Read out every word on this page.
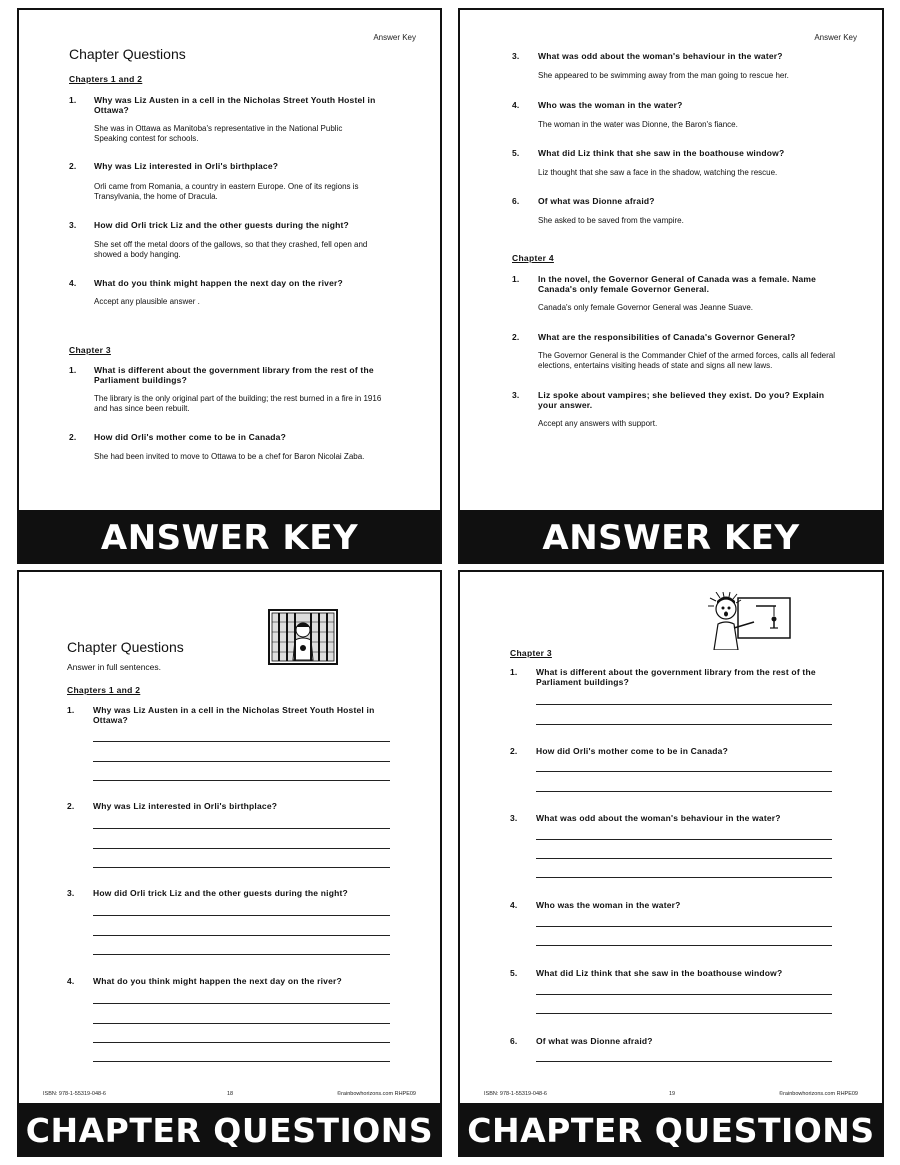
Answer Key
Chapter Questions
Chapters 1 and 2
1. Why was Liz Austen in a cell in the Nicholas Street Youth Hostel in Ottawa?
She was in Ottawa as Manitoba's representative in the National Public Speaking contest for schools.
2. Why was Liz interested in Orli's birthplace?
Orli came from Romania, a country in eastern Europe. One of its regions is Transylvania, the home of Dracula.
3. How did Orli trick Liz and the other guests during the night?
She set off the metal doors of the gallows, so that they crashed, fell open and showed a body hanging.
4. What do you think might happen the next day on the river?
Accept any plausible answer .
Chapter 3
1. What is different about the government library from the rest of the Parliament buildings?
The library is the only original part of the building; the rest burned in a fire in 1916 and has since been rebuilt.
2. How did Orli's mother come to be in Canada?
She had been invited to move to Ottawa to be a chef for Baron Nicolai Zaba.
ANSWER KEY
Answer Key
3. What was odd about the woman's behaviour in the water?
She appeared to be swimming away from the man going to rescue her.
4. Who was the woman in the water?
The woman in the water was Dionne, the Baron's fiance.
5. What did Liz think that she saw in the boathouse window?
Liz thought that she saw a face in the shadow, watching the rescue.
6. Of what was Dionne afraid?
She asked to be saved from the vampire.
Chapter 4
1. In the novel, the Governor General of Canada was a female. Name Canada's only female Governor General.
Canada's only female Governor General was Jeanne Suave.
2. What are the responsibilities of Canada's Governor General?
The Governor General is the Commander Chief of the armed forces, calls all federal elections, entertains visiting heads of state and signs all new laws.
3. Liz spoke about vampires; she believed they exist. Do you? Explain your answer.
Accept any answers with support.
ANSWER KEY
Chapter Questions
Answer in full sentences.
Chapters 1 and 2
1. Why was Liz Austen in a cell in the Nicholas Street Youth Hostel in Ottawa?
2. Why was Liz interested in Orli's birthplace?
3. How did Orli trick Liz and the other guests during the night?
4. What do you think might happen the next day on the river?
ISBN: 978-1-55319-048-6	18	©rainbowhorizons.com RHPE09
CHAPTER QUESTIONS
Chapter 3
1. What is different about the government library from the rest of the Parliament buildings?
2. How did Orli's mother come to be in Canada?
3. What was odd about the woman's behaviour in the water?
4. Who was the woman in the water?
5. What did Liz think that she saw in the boathouse window?
6. Of what was Dionne afraid?
ISBN: 978-1-55319-048-6	19	©rainbowhorizons.com RHPE09
CHAPTER QUESTIONS
